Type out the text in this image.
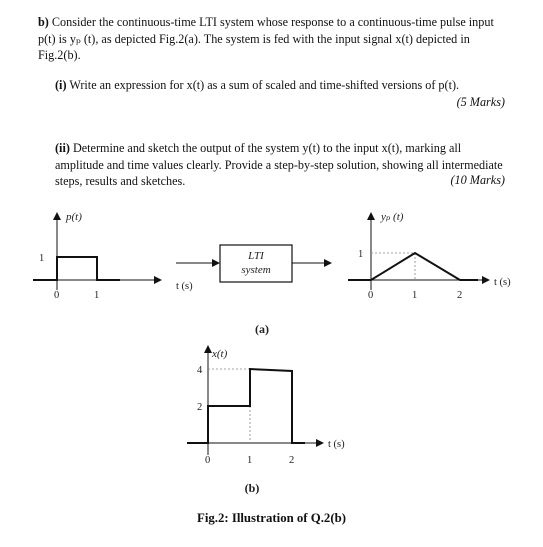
b) Consider the continuous-time LTI system whose response to a continuous-time pulse input p(t) is yₚ (t), as depicted Fig.2(a). The system is fed with the input signal x(t) depicted in Fig.2(b).
(i) Write an expression for x(t) as a sum of scaled and time-shifted versions of p(t).
(5 Marks)
(ii) Determine and sketch the output of the system y(t) to the input x(t), marking all amplitude and time values clearly. Provide a step-by-step solution, showing all intermediate steps, results and sketches.	(10 Marks)
p(t)
1
0	1
t (s)
LTI
system
yₚ (t)
1
0	1	2
t (s)
(a)
x(t)
4
2
0	1	2
t (s)
(b)
Fig.2: Illustration of Q.2(b)
